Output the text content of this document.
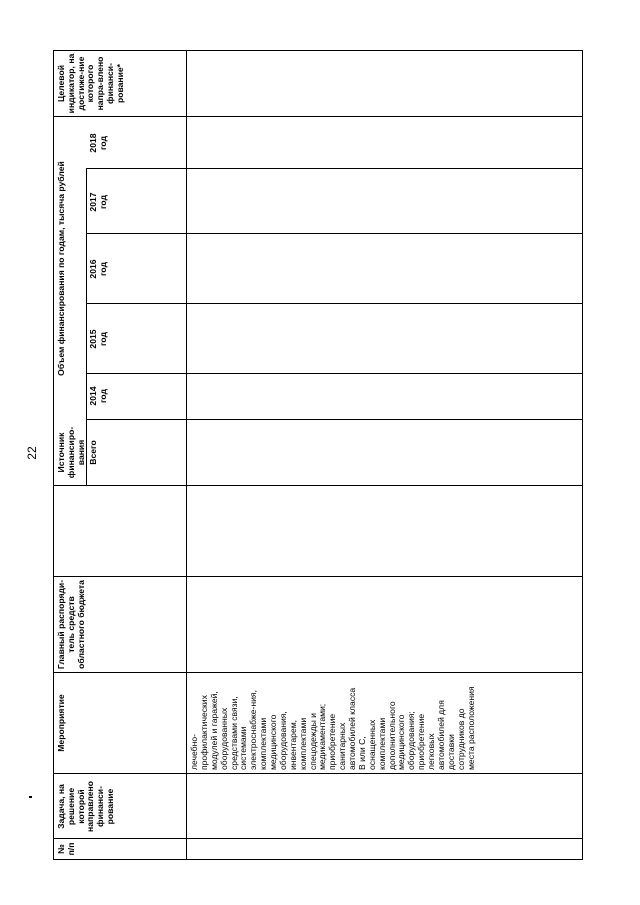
22
№ п/п
Задача, на решение которой направлено финанси-рование
Мероприятие
Главный распоряди-тель средств областного бюджета
Источник финансиро-вания
Объем финансирования по годам, тысяча рублей
Всего
2014 год
2015 год
2016 год
2017 год
2018 год
Целевой индикатор, на достиже-ние которого напра-влено финанси-рование*
лечебно-профилактических модулей и гаражей, оборудованных средствами связи, системами электроснабже-ния, комплектами медицинского оборудования, инвентарем, комплектами спецодежды и медикаментами; приобретение санитарных автомобилей класса В или С, оснащенных комплектами дополнительного медицинского оборудования; приобретение легковых автомобилей для доставки сотрудников до места расположения
